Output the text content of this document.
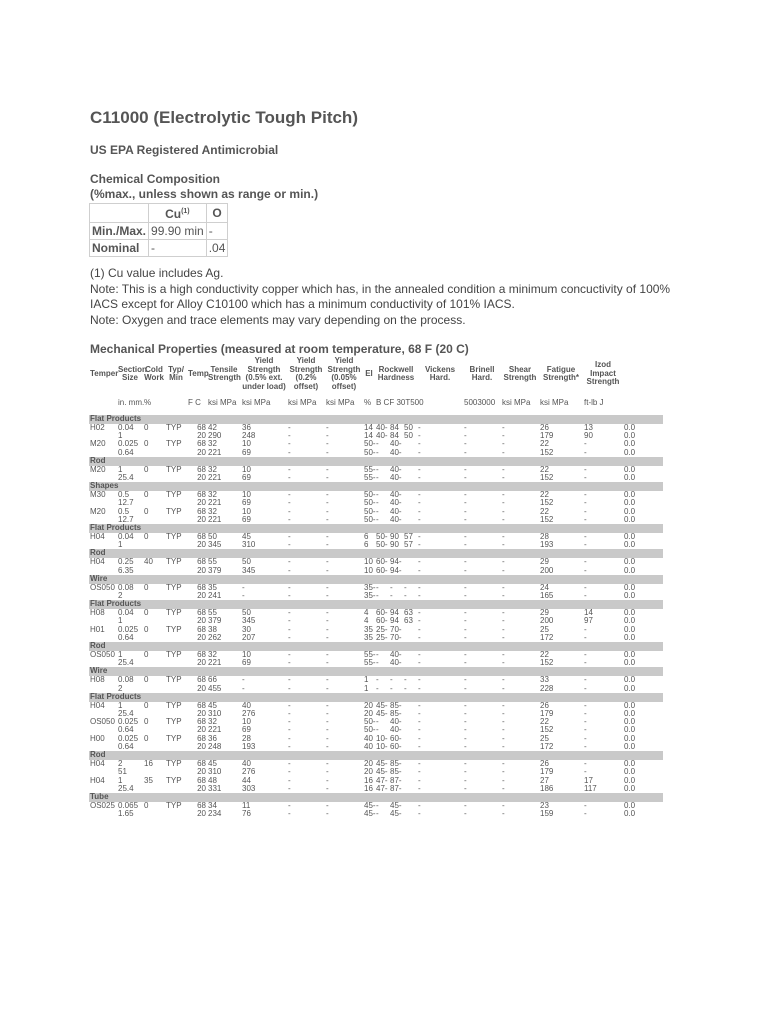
C11000 (Electrolytic Tough Pitch)
US EPA Registered Antimicrobial
Chemical Composition
(%max., unless shown as range or min.)
	Cu$^{(1)}$	O
Min./Max.	99.90 min	-
Nominal	-	.04
(1) Cu value includes Ag.
Note: This is a high conductivity copper which has, in the annealed condition a minimum concuctivity of 100% IACS except for Alloy C10100 which has a minimum conductivity of 101% IACS.
Note: Oxygen and trace elements may vary depending on the process.
Mechanical Properties (measured at room temperature, 68 F (20 C)
Temper	Section Size	Cold Work	Typ/ Min	Temp	Tensile Strength	Yield Strength (0.5% ext. under load)	Yield Strength (0.2% offset)	Yield Strength (0.05% offset)	El	Rockwell Hardness			Vickens Hard.	Brinell Hard.	Shear Strength	Fatigue Strength*	Izod Impact Strength	
	in. mm.	%		F C	ksi MPa	ksi MPa	ksi MPa	ksi MPa	%	B CF 30T500				5003000	ksi MPa	ksi MPa	ft-lb J	
Flat Products																		
H02	0.04	0	TYP	68	42	36	-	-	14	40-	84	50	-	-	-	26	13	0.0
	1			20	290	248	-	-	14	40-	84	50	-	-	-	179	90	0.0
M20	0.025	0	TYP	68	32	10	-	-	50-	-	40-		-	-	-	22	-	0.0
	0.64			20	221	69	-	-	50-	-	40-		-	-	-	152	-	0.0
Rod																		
M20	1	0	TYP	68	32	10	-	-	55-	-	40-		-	-	-	22	-	0.0
	25.4			20	221	69	-	-	55-	-	40-		-	-	-	152	-	0.0
Shapes																		
M30	0.5	0	TYP	68	32	10	-	-	50-	-	40-		-	-	-	22	-	0.0
	12.7			20	221	69	-	-	50-	-	40-		-	-	-	152	-	0.0
M20	0.5	0	TYP	68	32	10	-	-	50-	-	40-		-	-	-	22	-	0.0
	12.7			20	221	69	-	-	50-	-	40-		-	-	-	152	-	0.0
Flat Products																		
H04	0.04	0	TYP	68	50	45	-	-	6	50-	90	57	-	-	-	28	-	0.0
	1			20	345	310	-	-	6	50-	90	57	-	-	-	193	-	0.0
Rod																		
H04	0.25	40	TYP	68	55	50	-	-	10	60-	94-		-	-	-	29	-	0.0
	6.35			20	379	345	-	-	10	60-	94-		-	-	-	200	-	0.0
Wire																		
OS050	0.08	0	TYP	68	35	-	-	-	35-	-	-	-	-	-	-	24	-	0.0
	2			20	241	-	-	-	35-	-	-	-	-	-	-	165	-	0.0
Flat Products																		
H08	0.04	0	TYP	68	55	50	-	-	4	60-	94	63	-	-	-	29	14	0.0
	1			20	379	345	-	-	4	60-	94	63	-	-	-	200	97	0.0
H01	0.025	0	TYP	68	38	30	-	-	35	25-	70-		-	-	-	25	-	0.0
	0.64			20	262	207	-	-	35	25-	70-		-	-	-	172	-	0.0
Rod																		
OS050	1	0	TYP	68	32	10	-	-	55-	-	40-		-	-	-	22	-	0.0
	25.4			20	221	69	-	-	55-	-	40-		-	-	-	152	-	0.0
Wire																		
H08	0.08	0	TYP	68	66	-	-	-	1	-	-	-	-	-	-	33	-	0.0
	2			20	455	-	-	-	1	-	-	-	-	-	-	228	-	0.0
Flat Products																		
H04	1	0	TYP	68	45	40	-	-	20	45-	85-		-	-	-	26	-	0.0
	25.4			20	310	276	-	-	20	45-	85-		-	-	-	179	-	0.0
OS050	0.025	0	TYP	68	32	10	-	-	50-	-	40-		-	-	-	22	-	0.0
	0.64			20	221	69	-	-	50-	-	40-		-	-	-	152	-	0.0
H00	0.025	0	TYP	68	36	28	-	-	40	10-	60-		-	-	-	25	-	0.0
	0.64			20	248	193	-	-	40	10-	60-		-	-	-	172	-	0.0
Rod																		
H04	2	16	TYP	68	45	40	-	-	20	45-	85-		-	-	-	26	-	0.0
	51			20	310	276	-	-	20	45-	85-		-	-	-	179	-	0.0
H04	1	35	TYP	68	48	44	-	-	16	47-	87-		-	-	-	27	17	0.0
	25.4			20	331	303	-	-	16	47-	87-		-	-	-	186	117	0.0
Tube																		
OS025	0.065	0	TYP	68	34	11	-	-	45-	-	45-		-	-	-	23	-	0.0
	1.65			20	234	76	-	-	45-	-	45-		-	-	-	159	-	0.0
